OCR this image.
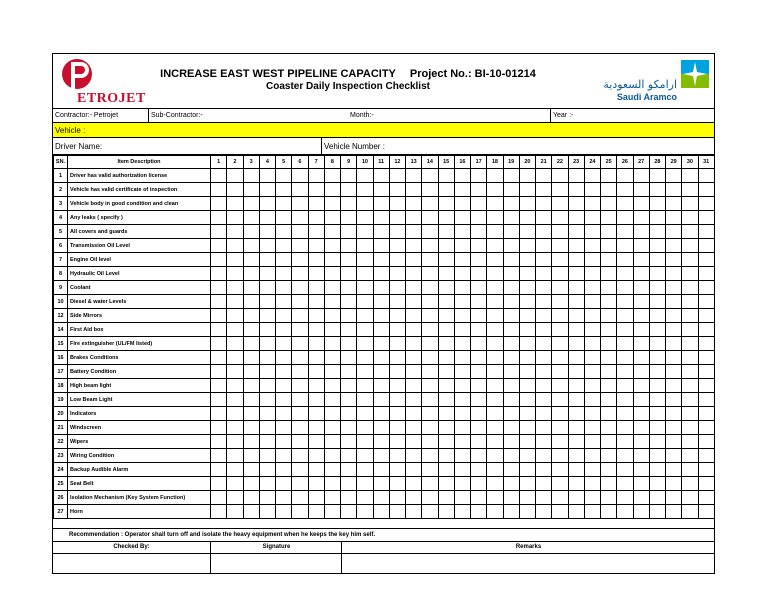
ETROJET
INCREASE EAST WEST PIPELINE CAPACITY Project No.: BI-10-01214
Coaster Daily Inspection Checklist	ارامكو السعودية
Saudi Aramco
Contractor:- Petrojet	Sub-Contractor:-	Month:-	Year :-
Vehicle :
Driver Name:	Vehicle Number :
SN.	Item Description	1	2	3	4	5	6	7	8	9	10	11	12	13	14	15	16	17	18	19	20	21	22	23	24	25	26	27	28	29	30	31
1	Driver has valid authorization license																															
2	Vehicle has valid certificate of inspection																															
3	Vehicle body in good condition and clean																															
4	Any leaks ( specify )																															
5	All covers and guards																															
6	Transmission Oil Level																															
7	Engine Oil level																															
8	Hydraulic Oil Level																															
9	Coolant																															
10	Diesel & water Levels																															
12	Side Mirrors																															
14	First Aid box																															
15	Fire extinguisher (UL/FM listed)																															
16	Brakes Conditions																															
17	Battery Condition																															
18	High beam light																															
19	Low Beam Light																															
20	Indicators																															
21	Windscreen																															
22	Wipers																															
23	Wiring Condition																															
24	Backup Audible Alarm																															
25	Seat Belt																															
26	Isolation Mechanism (Key System Function)																															
27	Horn																															
Recommendation : Operator shall turn off and isolate the heavy equipment when he keeps the key him self.
Checked By:	Signature	Remarks
